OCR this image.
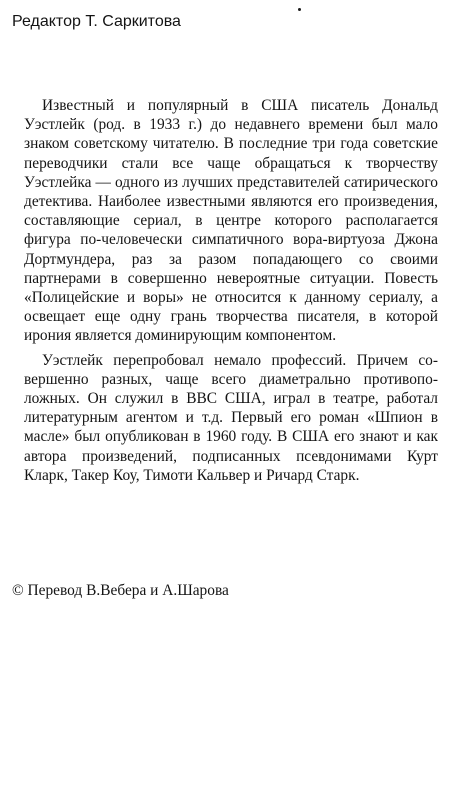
Редактор Т. Саркитова

Известный и популярный в США писатель Дональд Уэстлейк (род. в 1933 г.) до недавнего времени был мало знаком советскому читателю. В последние три года советские переводчики стали все чаще обращаться к творчеству Уэстлейка — одного из лучших представителей сатирического детектива. Наиболее известными являются его произведения, составляющие сериал, в центре которого располагается фигура по-человечески симпатичного вора-виртуоза Джона Дортмундера, раз за разом попадающего со своими партнерами в совершенно невероятные ситуации. Повесть «Полицейские и воры» не относится к данному сериалу, а освещает еще одну грань творчества писателя, в которой ирония является доминирующим компонентом.

Уэстлейк перепробовал немало профессий. Причем совершенно разных, чаще всего диаметрально противоположных. Он служил в ВВС США, играл в театре, работал литературным агентом и т.д. Первый его роман «Шпион в масле» был опубликован в 1960 году. В США его знают и как автора произведений, подписанных псевдонимами Курт Кларк, Такер Коу, Тимоти Кальвер и Ричард Старк.

© Перевод В.Вебера и А.Шарова
